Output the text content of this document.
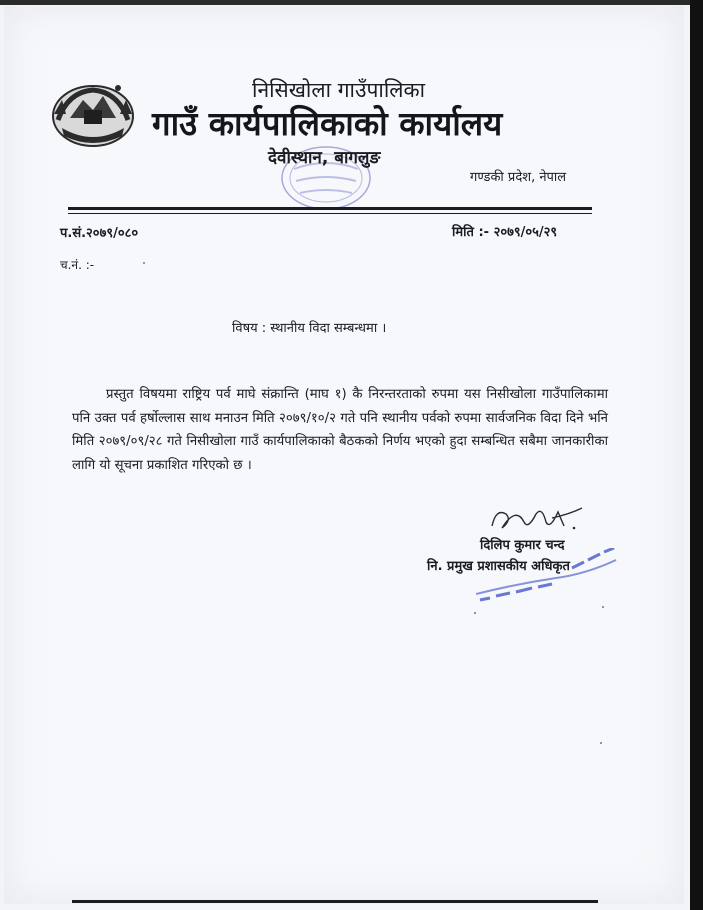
निसिखोला गाउँपालिका
गाउँ कार्यपालिकाको कार्यालय
देवीस्थान, बागलुङ
गण्डकी प्रदेश, नेपाल
प.सं.२०७९/०८०	मिति :- २०७९/०५/२९
च.नं. :-
विषय : स्थानीय विदा सम्बन्धमा ।
प्रस्तुत विषयमा राष्ट्रिय पर्व माघे संक्रान्ति (माघ १) कै निरन्तरताको रुपमा यस निसीखोला गाउँपालिकामा पनि उक्त पर्व हर्षोल्लास साथ मनाउन मिति २०७९/१०/२ गते पनि स्थानीय पर्वको रुपमा सार्वजनिक विदा दिने भनि मिति २०७९/०९/२८ गते निसीखोला गाउँ कार्यपालिकाको बैठकको निर्णय भएको हुदा सम्बन्धित सबैमा जानकारीका लागि यो सूचना प्रकाशित गरिएको छ ।
दिलिप कुमार चन्द
नि. प्रमुख प्रशासकीय अधिकृत
